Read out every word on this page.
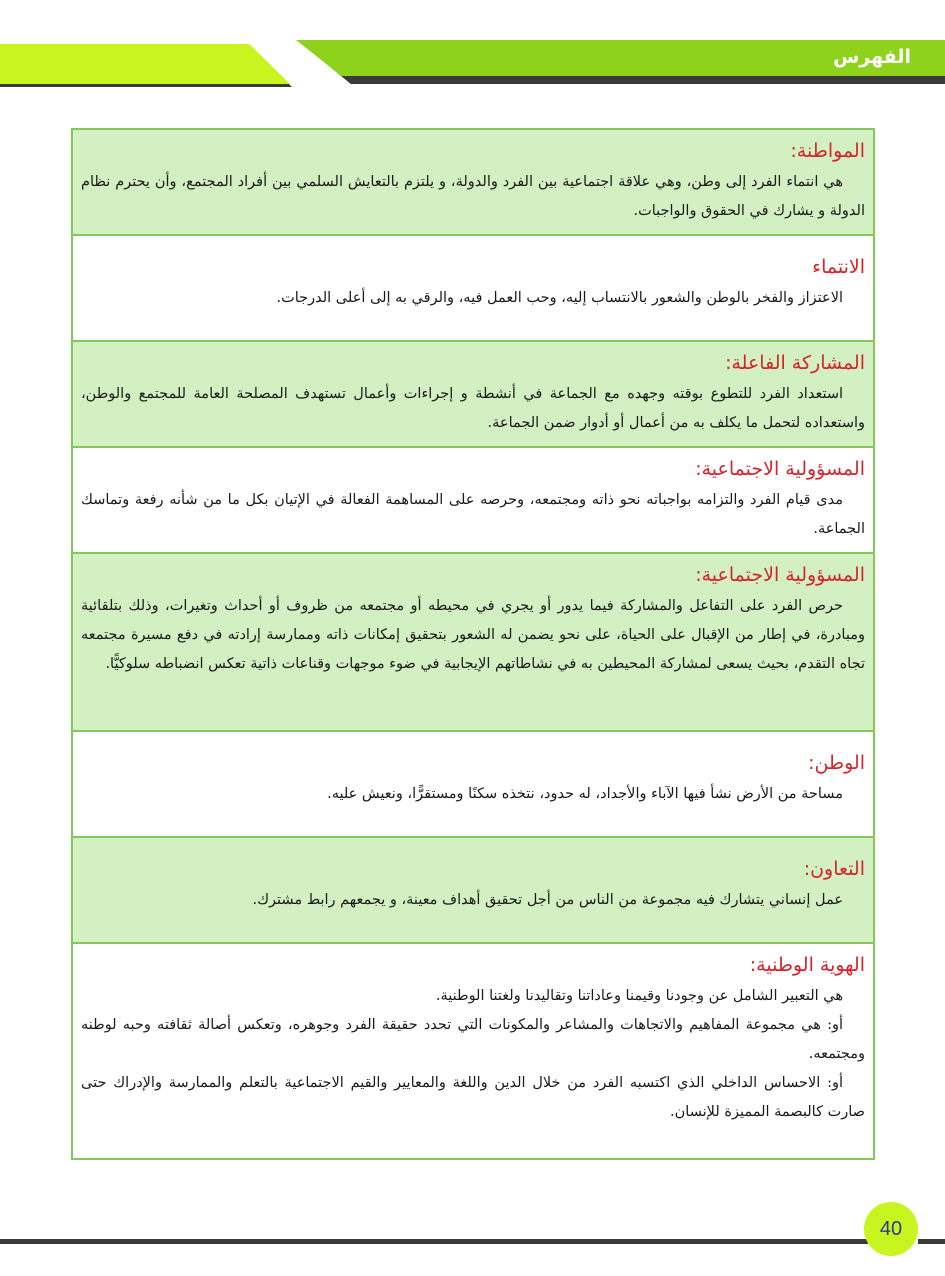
الفهرس
المواطنة:
هي انتماء الفرد إلى وطن، وهي علاقة اجتماعية بين الفرد والدولة، و يلتزم بالتعايش السلمي بين أفراد المجتمع، وأن يحترم نظام الدولة و يشارك في الحقوق والواجبات.
الانتماء
الاعتزاز والفخر بالوطن والشعور بالانتساب إليه، وحب العمل فيه، والرقي به إلى أعلى الدرجات.
المشاركة الفاعلة:
استعداد الفرد للتطوع بوقته وجهده مع الجماعة في أنشطة و إجراءات وأعمال تستهدف المصلحة العامة للمجتمع والوطن، واستعداده لتحمل ما يكلف به من أعمال أو أدوار ضمن الجماعة.
المسؤولية الاجتماعية:
مدى قيام الفرد والتزامه بواجباته نحو ذاته ومجتمعه، وحرصه على المساهمة الفعالة في الإتيان بكل ما من شأنه رفعة وتماسك الجماعة.
المسؤولية الاجتماعية:
حرص الفرد على التفاعل والمشاركة فيما يدور أو يجري في محيطه أو مجتمعه من ظروف أو أحداث وتغيرات، وذلك بتلقائية ومبادرة، في إطار من الإقبال على الحياة، على نحو يضمن له الشعور بتحقيق إمكانات ذاته وممارسة إرادته في دفع مسيرة مجتمعه تجاه التقدم، بحيث يسعى لمشاركة المحيطين به في نشاطاتهم الإيجابية في ضوء موجهات وقناعات ذاتية تعكس انضباطه سلوكيًّا.
الوطن:
مساحة من الأرض نشأ فيها الآباء والأجداد، له حدود، نتخذه سكنًا ومستقرًّا، ونعيش عليه.
التعاون:
عمل إنساني يتشارك فيه مجموعة من الناس من أجل تحقيق أهداف معينة، و يجمعهم رابط مشترك.
الهوية الوطنية:

هي التعبير الشامل عن وجودنا وقيمنا وعاداتنا وتقاليدنا ولغتنا الوطنية.

أو: هي مجموعة المفاهيم والاتجاهات والمشاعر والمكونات التي تحدد حقيقة الفرد وجوهره، وتعكس أصالة ثقافته وحبه لوطنه ومجتمعه.

أو: الاحساس الداخلي الذي اكتسبه الفرد من خلال الدين واللغة والمعايير والقيم الاجتماعية بالتعلم والممارسة والإدراك حتى صارت كالبصمة المميزة للإنسان.

40
